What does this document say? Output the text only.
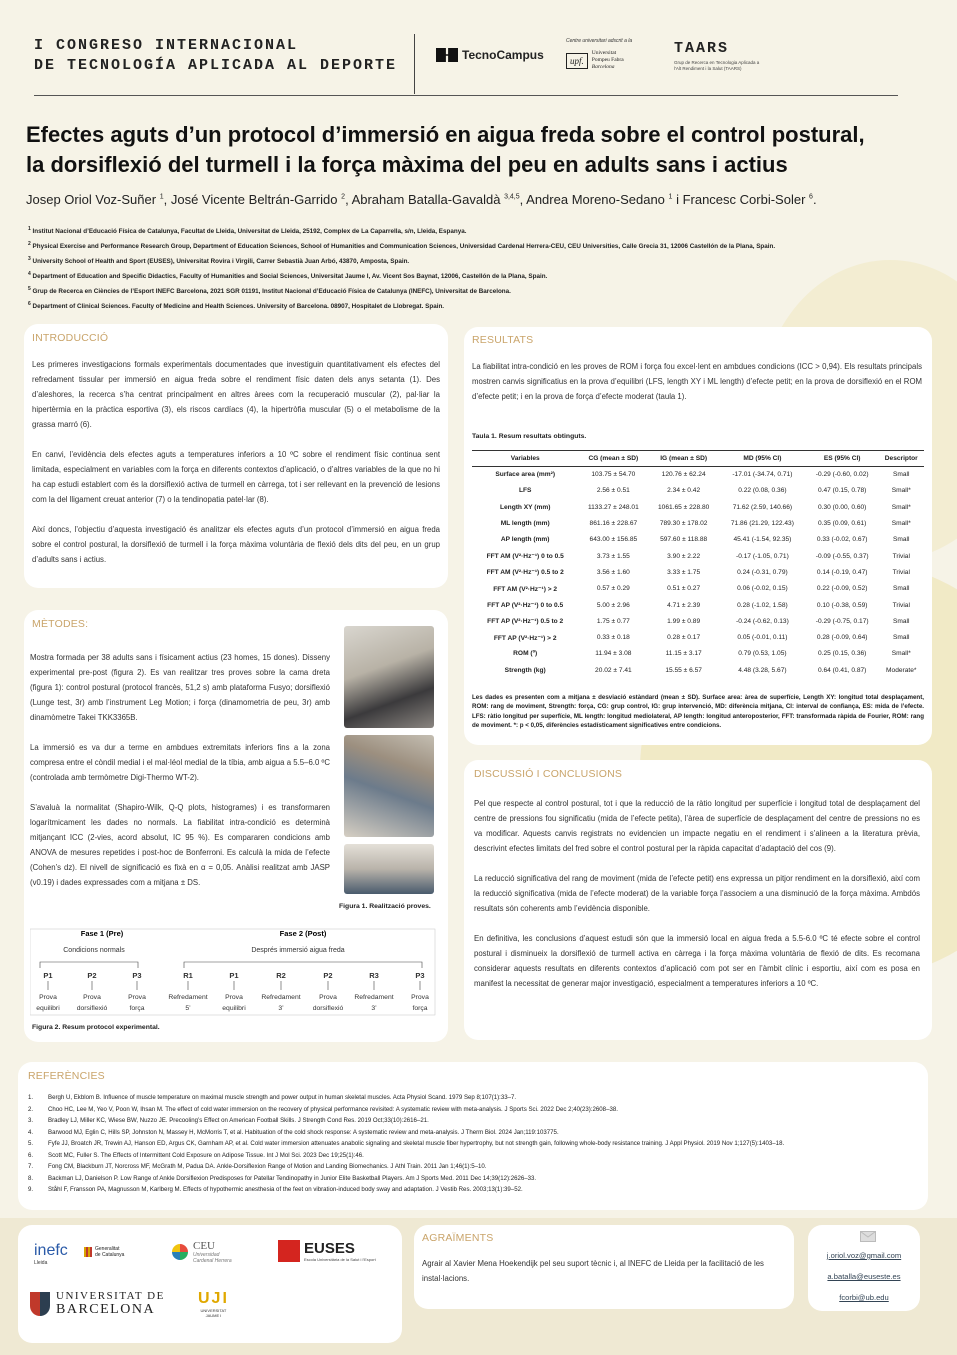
I CONGRESO INTERNACIONAL
DE TECNOLOGÍA APLICADA AL DEPORTE
TecnoCampus
Centre universitari adscrit a la
upf.
Universitat
Pompeu Fabra
Barcelona
TAARS
Grup de Recerca en Tecnologia Aplicada a l'Alt Rendiment i la Salut (TAARS)
Efectes aguts d’un protocol d’immersió en aigua freda sobre el control postural,
la dorsiflexió del turmell i la força màxima del peu en adults sans i actius
Josep Oriol Voz-Suñer $^1$, José Vicente Beltrán-Garrido $^2$, Abraham Batalla-Gavaldà $^{3,4,5}$, Andrea Moreno-Sedano $^1$ i Francesc Corbi-Soler $^6$.
$^1$ Institut Nacional d’Educació Física de Catalunya, Facultat de Lleida, Universitat de Lleida, 25192, Complex de La Caparrella, s/n, Lleida, Espanya.
$^2$ Physical Exercise and Performance Research Group, Department of Education Sciences, School of Humanities and Communication Sciences, Universidad Cardenal Herrera-CEU, CEU Universities, Calle Grecia 31, 12006 Castellón de la Plana, Spain.
$^3$ University School of Health and Sport (EUSES), Universitat Rovira i Virgili, Carrer Sebastià Juan Arbó, 43870, Amposta, Spain.
$^4$ Department of Education and Specific Didactics, Faculty of Humanities and Social Sciences, Universitat Jaume I, Av. Vicent Sos Baynat, 12006, Castellón de la Plana, Spain.
$^5$ Grup de Recerca en Ciències de l’Esport INEFC Barcelona, 2021 SGR 01191, Institut Nacional d’Educació Física de Catalunya (INEFC), Universitat de Barcelona.
$^6$ Department of Clinical Sciences. Faculty of Medicine and Health Sciences. University of Barcelona. 08907, Hospitalet de Llobregat. Spain.
INTRODUCCIÓ

Les primeres investigacions formals experimentals documentades que investiguin quantitativament els efectes del refredament tissular per immersió en aigua freda sobre el rendiment físic daten dels anys setanta (1). Des d’aleshores, la recerca s’ha centrat principalment en altres àrees com la recuperació muscular (2), pal·liar la hipertèrmia en la pràctica esportiva (3), els riscos cardíacs (4), la hipertròfia muscular (5) o el metabolisme de la grassa marró (6).

En canvi, l’evidència dels efectes aguts a temperatures inferiors a 10 ºC sobre el rendiment físic continua sent limitada, especialment en variables com la força en diferents contextos d’aplicació, o d’altres variables de la que no hi ha cap estudi establert com és la dorsiflexió activa de turmell en càrrega, tot i ser rellevant en la prevenció de lesions com la del lligament creuat anterior (7) o la tendinopatia patel·lar (8).

Així doncs, l’objectiu d’aquesta investigació és analitzar els efectes aguts d’un protocol d’immersió en aigua freda sobre el control postural, la dorsiflexió de turmell i la força màxima voluntària de flexió dels dits del peu, en un grup d’adults sans i actius.

MÈTODES:

Mostra formada per 38 adults sans i físicament actius (23 homes, 15 dones). Disseny experimental pre-post (figura 2). Es van realitzar tres proves sobre la cama dreta (figura 1): control postural (protocol francès, 51,2 s) amb plataforma Fusyo; dorsiflexió (Lunge test, 3r) amb l’instrument Leg Motion; i força (dinamometria de peu, 3r) amb dinamòmetre Takei TKK3365B.

La immersió es va dur a terme en ambdues extremitats inferiors fins a la zona compresa entre el còndil medial i el mal·léol medial de la tíbia, amb aigua a 5.5–6.0 ºC (controlada amb termòmetre Digi-Thermo WT-2).

S’avaluà la normalitat (Shapiro-Wilk, Q-Q plots, histogrames) i es transformaren logarítmicament les dades no normals. La fiabilitat intra-condició es determinà mitjançant ICC (2-vies, acord absolut, IC 95 %). Es compararen condicions amb ANOVA de mesures repetides i post-hoc de Bonferroni. Es calculà la mida de l’efecte (Cohen’s dz). El nivell de significació es fixà en α = 0,05. Anàlisi realitzat amb JASP (v0.19) i dades expressades com a mitjana ± DS.

Figura 1. Realització proves.
Fase 1 (Pre)
Condicions normals
Fase 2 (Post)
Després immersió aigua freda
P1
Prova
equilibri
P2
Prova
dorsiflexió
P3
Prova
força
R1
Refredament
5’
P1
Prova
equilibri
R2
Refredament
3’
P2
Prova
dorsiflexió
R3
Refredament
3’
P3
Prova
força
Figura 2. Resum protocol experimental.
RESULTATS
La fiabilitat intra-condició en les proves de ROM i força fou excel·lent en ambdues condicions (ICC > 0,94). Els resultats principals mostren canvis significatius en la prova d’equilibri (LFS, length XY i ML length) d’efecte petit; en la prova de dorsiflexió en el ROM d’efecte petit; i en la prova de força d’efecte moderat (taula 1).
Taula 1. Resum resultats obtinguts.
Variables	CG (mean ± SD)	IG (mean ± SD)	MD (95% CI)	ES (95% CI)	Descriptor
Surface area (mm²)	103.75 ± 54.70	120.76 ± 62.24	-17.01 (-34.74, 0.71)	-0.29 (-0.60, 0.02)	Small
LFS	2.56 ± 0.51	2.34 ± 0.42	0.22 (0.08, 0.36)	0.47 (0.15, 0.78)	Small*
Length XY (mm)	1133.27 ± 248.01	1061.65 ± 228.80	71.62 (2.59, 140.66)	0.30 (0.00, 0.60)	Small*
ML length (mm)	861.16 ± 228.67	789.30 ± 178.02	71.86 (21.29, 122.43)	0.35 (0.09, 0.61)	Small*
AP length (mm)	643.00 ± 156.85	597.60 ± 118.88	45.41 (-1.54, 92.35)	0.33 (-0.02, 0.67)	Small
FFT AM (V²·Hz⁻¹) 0 to 0.5	3.73 ± 1.55	3.90 ± 2.22	-0.17 (-1.05, 0.71)	-0.09 (-0.55, 0.37)	Trivial
FFT AM (V²·Hz⁻¹) 0.5 to 2	3.56 ± 1.60	3.33 ± 1.75	0.24 (-0.31, 0.79)	0.14 (-0.19, 0.47)	Trivial
FFT AM (V²·Hz⁻¹) > 2	0.57 ± 0.29	0.51 ± 0.27	0.06 (-0.02, 0.15)	0.22 (-0.09, 0.52)	Small
FFT AP (V²·Hz⁻¹) 0 to 0.5	5.00 ± 2.96	4.71 ± 2.39	0.28 (-1.02, 1.58)	0.10 (-0.38, 0.59)	Trivial
FFT AP (V²·Hz⁻¹) 0.5 to 2	1.75 ± 0.77	1.99 ± 0.89	-0.24 (-0.62, 0.13)	-0.29 (-0.75, 0.17)	Small
FFT AP (V²·Hz⁻¹) > 2	0.33 ± 0.18	0.28 ± 0.17	0.05 (-0.01, 0.11)	0.28 (-0.09, 0.64)	Small
ROM (º)	11.94 ± 3.08	11.15 ± 3.17	0.79 (0.53, 1.05)	0.25 (0.15, 0.36)	Small*
Strength (kg)	20.02 ± 7.41	15.55 ± 6.57	4.48 (3.28, 5.67)	0.64 (0.41, 0.87)	Moderate*
Les dades es presenten com a mitjana ± desviació estàndard (mean ± SD). Surface area: àrea de superfície, Length XY: longitud total desplaçament, ROM: rang de moviment, Strength: força, CG: grup control, IG: grup intervenció, MD: diferència mitjana, CI: interval de confiança, ES: mida de l’efecte. LFS: ràtio longitud per superfície, ML length: longitud mediolateral, AP length: longitud anteroposterior, FFT: transformada ràpida de Fourier, ROM: rang de moviment. *: p < 0,05, diferències estadísticament significatives entre condicions.
DISCUSSIÓ I CONCLUSIONS

Pel que respecte al control postural, tot i que la reducció de la ràtio longitud per superfície i longitud total de desplaçament del centre de pressions fou significatiu (mida de l’efecte petita), l’àrea de superfície de desplaçament del centre de pressions no es va modificar. Aquests canvis registrats no evidencien un impacte negatiu en el rendiment i s’alineen a la literatura prèvia, descrivint efectes limitats del fred sobre el control postural per la ràpida capacitat d’adaptació del cos (9).

La reducció significativa del rang de moviment (mida de l’efecte petit) ens expressa un pitjor rendiment en la dorsiflexió, així com la reducció significativa (mida de l’efecte moderat) de la variable força l’associem a una disminució de la força màxima. Ambdós resultats són coherents amb l’evidència disponible.

En definitiva, les conclusions d’aquest estudi són que la immersió local en aigua freda a 5.5-6.0 ºC té efecte sobre el control postural i disminueix la dorsiflexió de turmell activa en càrrega i la força màxima voluntària de flexió de dits. Es recomana considerar aquests resultats en diferents contextos d’aplicació com pot ser en l’àmbit clínic i esportiu, així com es posa en manifest la necessitat de generar major investigació, especialment a temperatures inferiors a 10 ºC.

REFERÈNCIES
1.	Bergh U, Ekblom B. Influence of muscle temperature on maximal muscle strength and power output in human skeletal muscles. Acta Physiol Scand. 1979 Sep 8;107(1):33–7.
2.	Choo HC, Lee M, Yeo V, Poon W, Ihsan M. The effect of cold water immersion on the recovery of physical performance revisited: A systematic review with meta-analysis. J Sports Sci. 2022 Dec 2;40(23):2608–38.
3.	Bradley LJ, Miller KC, Wiese BW, Nuzzo JE. Precooling’s Effect on American Football Skills. J Strength Cond Res. 2019 Oct;33(10):2616–21.
4.	Barwood MJ, Eglin C, Hills SP, Johnston N, Massey H, McMorris T, et al. Habituation of the cold shock response: A systematic review and meta-analysis. J Therm Biol. 2024 Jan;119:103775.
5.	Fyfe JJ, Broatch JR, Trewin AJ, Hanson ED, Argus CK, Garnham AP, et al. Cold water immersion attenuates anabolic signaling and skeletal muscle fiber hypertrophy, but not strength gain, following whole-body resistance training. J Appl Physiol. 2019 Nov 1;127(5):1403–18.
6.	Scott MC, Fuller S. The Effects of Intermittent Cold Exposure on Adipose Tissue. Int J Mol Sci. 2023 Dec 19;25(1):46.
7.	Fong CM, Blackburn JT, Norcross MF, McGrath M, Padua DA. Ankle-Dorsiflexion Range of Motion and Landing Biomechanics. J Athl Train. 2011 Jan 1;46(1):5–10.
8.	Backman LJ, Danielson P. Low Range of Ankle Dorsiflexion Predisposes for Patellar Tendinopathy in Junior Elite Basketball Players. Am J Sports Med. 2011 Dec 14;39(12):2626–33.
9.	Ståhl F, Fransson PA, Magnusson M, Karlberg M. Effects of hypothermic anesthesia of the feet on vibration-induced body sway and adaptation. J Vestib Res. 2003;13(1):39–52.
inefc
Lleida
Generalitat
de Catalunya
CEU
Universidad
Cardenal Herrera
EUSES
Escola Universitària de la Salut i l'Esport
UNIVERSITAT DE
BARCELONA
UJI
UNIVERSITAT
JAUME I
AGRAÏMENTS
Agrair al Xavier Mena Hoekendijk pel seu suport tècnic i, al INEFC de Lleida per la facilitació de les instal·lacions.
j.oriol.voz@gmail.com
a.batalla@euseste.es
fcorbi@ub.edu
